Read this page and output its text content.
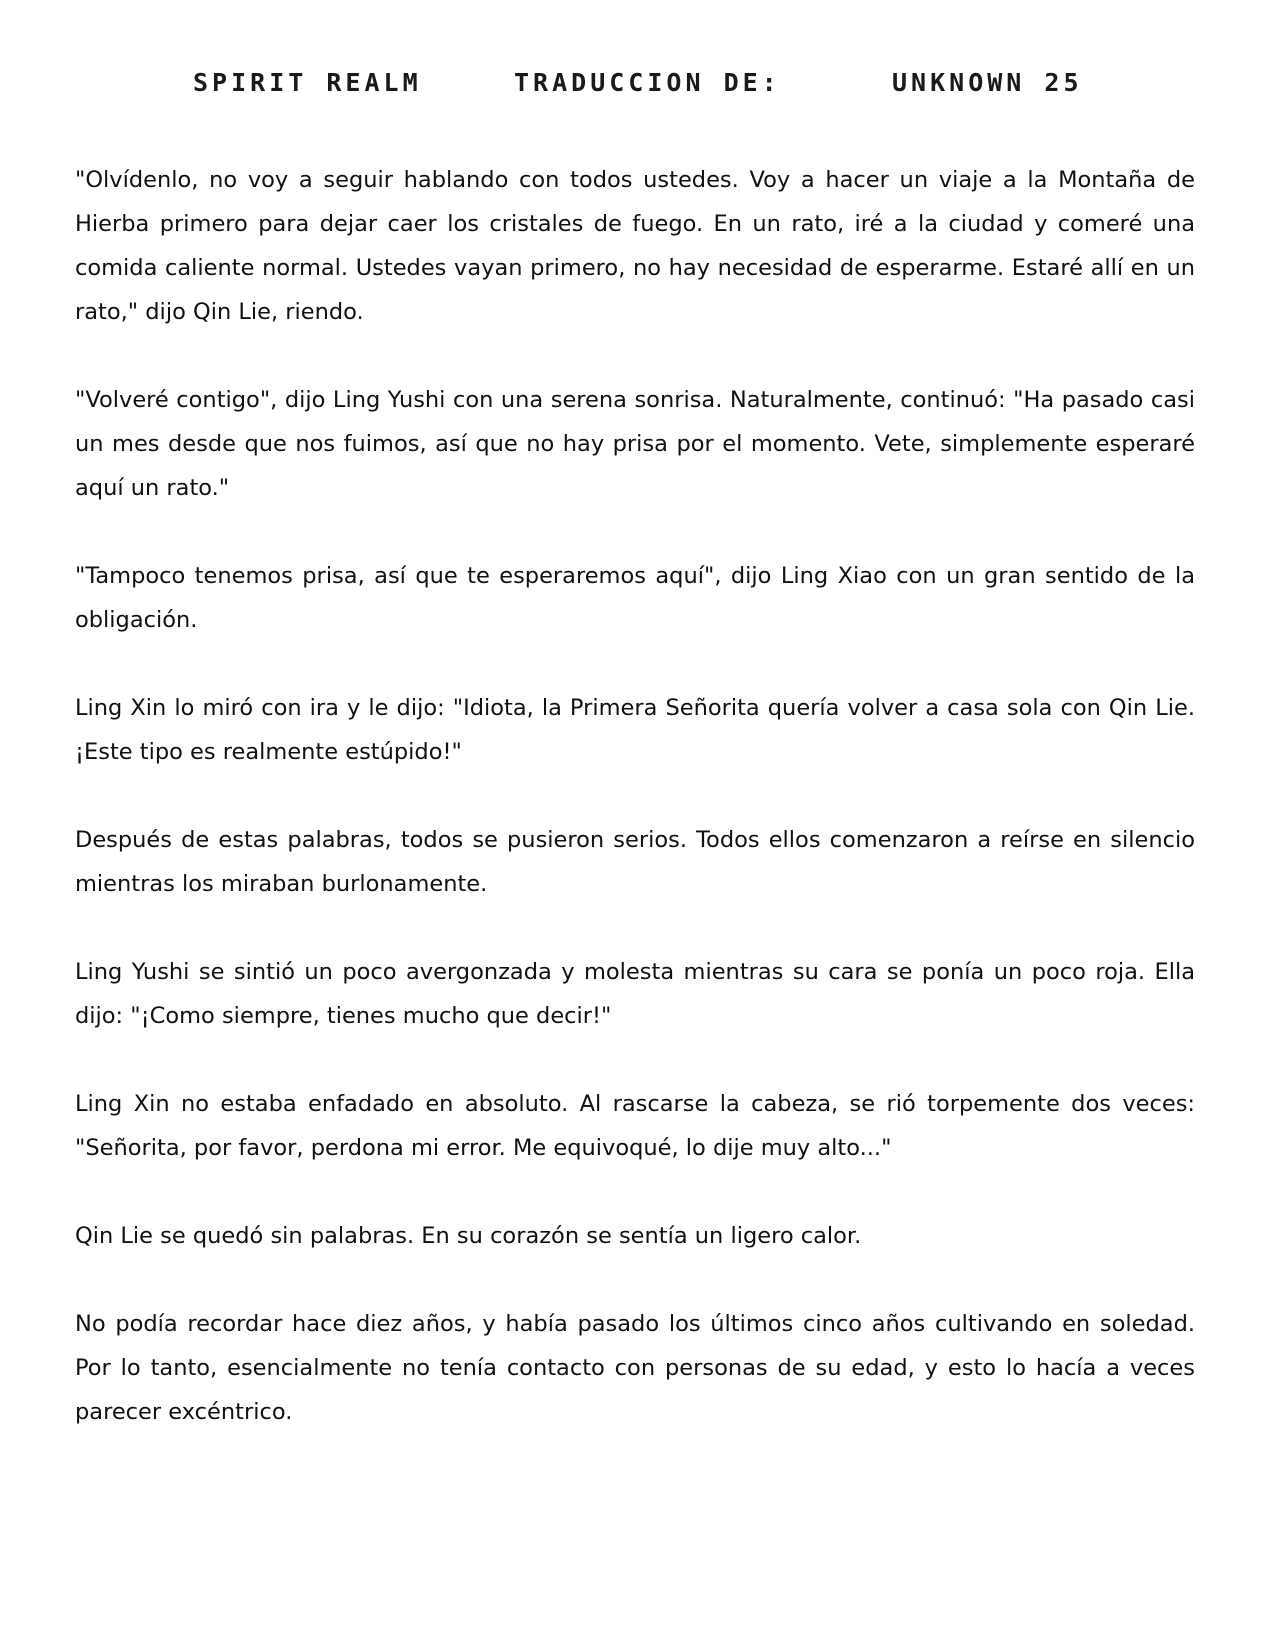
SPIRIT REALM	TRADUCCION DE:	UNKNOWN 25

"Olvídenlo, no voy a seguir hablando con todos ustedes. Voy a hacer un viaje a la Montaña de Hierba primero para dejar caer los cristales de fuego. En un rato, iré a la ciudad y comeré una comida caliente normal. Ustedes vayan primero, no hay necesidad de esperarme. Estaré allí en un rato," dijo Qin Lie, riendo.

"Volveré contigo", dijo Ling Yushi con una serena sonrisa. Naturalmente, continuó: "Ha pasado casi un mes desde que nos fuimos, así que no hay prisa por el momento. Vete, simplemente esperaré aquí un rato."

"Tampoco tenemos prisa, así que te esperaremos aquí", dijo Ling Xiao con un gran sentido de la obligación.

Ling Xin lo miró con ira y le dijo: "Idiota, la Primera Señorita quería volver a casa sola con Qin Lie. ¡Este tipo es realmente estúpido!"

Después de estas palabras, todos se pusieron serios. Todos ellos comenzaron a reírse en silencio mientras los miraban burlonamente.

Ling Yushi se sintió un poco avergonzada y molesta mientras su cara se ponía un poco roja. Ella dijo: "¡Como siempre, tienes mucho que decir!"

Ling Xin no estaba enfadado en absoluto. Al rascarse la cabeza, se rió torpemente dos veces: "Señorita, por favor, perdona mi error. Me equivoqué, lo dije muy alto..."

Qin Lie se quedó sin palabras. En su corazón se sentía un ligero calor.

No podía recordar hace diez años, y había pasado los últimos cinco años cultivando en soledad. Por lo tanto, esencialmente no tenía contacto con personas de su edad, y esto lo hacía a veces parecer excéntrico.
